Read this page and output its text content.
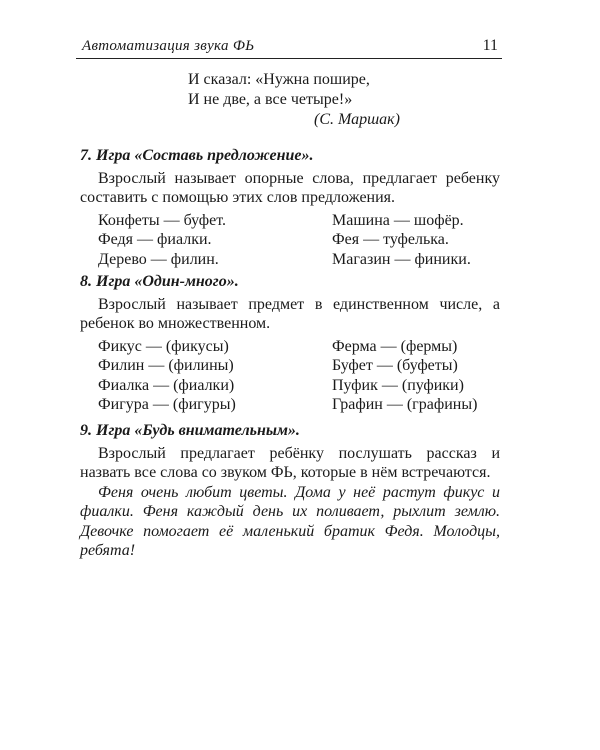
Автоматизация звука ФЬ	11
И сказал: «Нужна пошире,
И не две, а все четыре!»
(С. Маршак)
7. Игра «Составь предложение».
Взрослый называет опорные слова, предлагает ребенку составить с помощью этих слов предложения.
Конфеты — буфет.	Машина — шофёр.
Федя — фиалки.	Фея — туфелька.
Дерево — филин.	Магазин — финики.
8. Игра «Один-много».
Взрослый называет предмет в единственном числе, а ребенок во множественном.
Фикус — (фикусы)	Ферма — (фермы)
Филин — (филины)	Буфет — (буфеты)
Фиалка — (фиалки)	Пуфик — (пуфики)
Фигура — (фигуры)	Графин — (графины)
9. Игра «Будь внимательным».
Взрослый предлагает ребёнку послушать рассказ и назвать все слова со звуком ФЬ, которые в нём встречаются.
Феня очень любит цветы. Дома у неё растут фикус и фиалки. Феня каждый день их поливает, рыхлит землю. Девочке помогает её маленький братик Федя. Молодцы, ребята!
